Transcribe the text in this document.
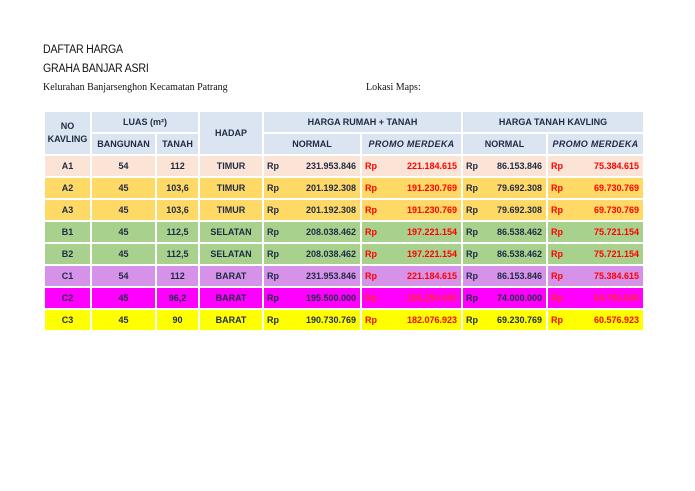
DAFTAR HARGA
GRAHA BANJAR ASRI
Kelurahan Banjarsenghon Kecamatan Patrang	Lokasi Maps:
NO KAVLING	LUAS (m²)		HADAP	HARGA RUMAH + TANAH		HARGA TANAH KAVLING	
	BANGUNAN	TANAH		NORMAL	PROMO MERDEKA	NORMAL	PROMO MERDEKA
A1	54	112	TIMUR	Rp 231.953.846	Rp 221.184.615	Rp 86.153.846	Rp 75.384.615

A2	45	103,6	TIMUR	Rp 201.192.308	Rp 191.230.769	Rp 79.692.308	Rp 69.730.769

A3	45	103,6	TIMUR	Rp 201.192.308	Rp 191.230.769	Rp 79.692.308	Rp 69.730.769

B1	45	112,5	SELATAN	Rp 208.038.462	Rp 197.221.154	Rp 86.538.462	Rp 75.721.154

B2	45	112,5	SELATAN	Rp 208.038.462	Rp 197.221.154	Rp 86.538.462	Rp 75.721.154

C1	54	112	BARAT	Rp 231.953.846	Rp 221.184.615	Rp 86.153.846	Rp 75.384.615

C2	45	96,2	BARAT	Rp 195.500.000	Rp 186.250.000	Rp 74.000.000	Rp 64.750.000

C3	45	90	BARAT	Rp 190.730.769	Rp 182.076.923	Rp 69.230.769	Rp 60.576.923
